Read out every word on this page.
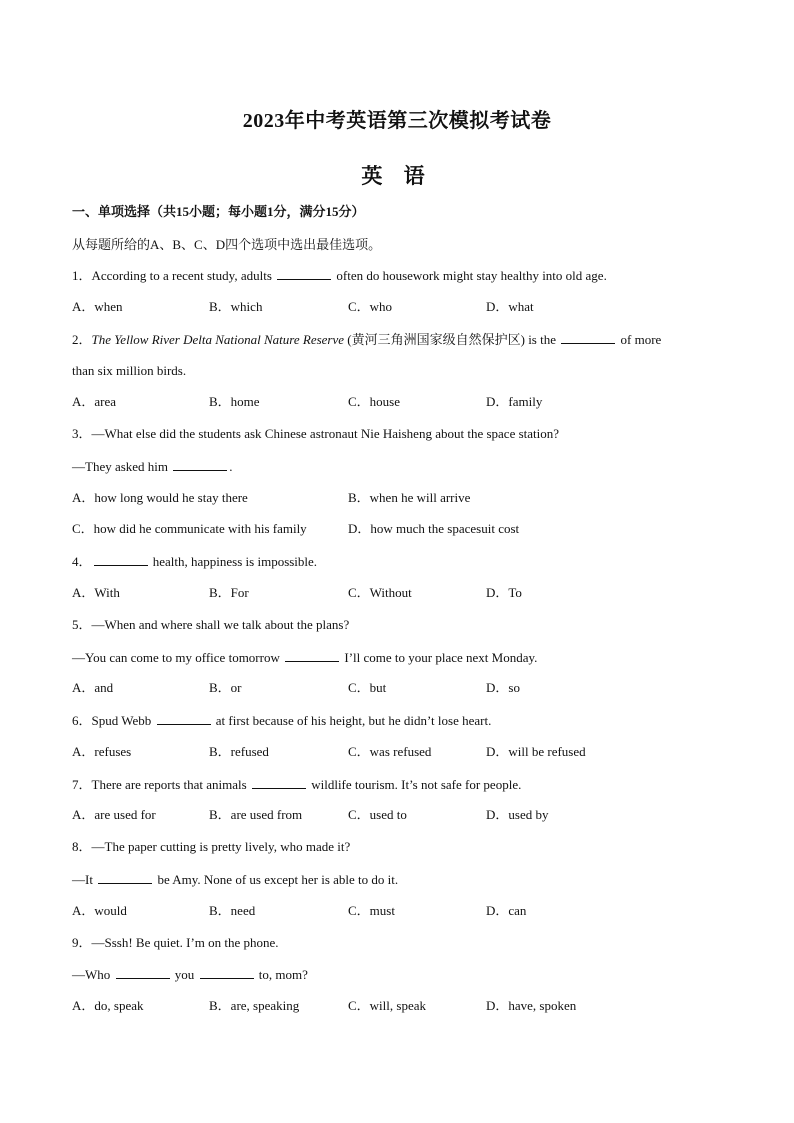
2023年中考英语第三次模拟考试卷
英 语
一、单项选择（共15小题；每小题1分，满分15分）
从每题所给的A、B、C、D四个选项中选出最佳选项。
1．According to a recent study, adults	often do housework might stay healthy into old age.
A．when	B．which	C．who	D．what
2．The Yellow River Delta National Nature Reserve (黄河三角洲国家级自然保护区) is the	of more
than six million birds.
A．area	B．home	C．house	D．family
3．—What else did the students ask Chinese astronaut Nie Haisheng about the space station?
—They asked him	.
A．how long would he stay there	B．when he will arrive
C．how did he communicate with his family	D．how much the spacesuit cost
4．	health, happiness is impossible.
A．With	B．For	C．Without	D．To
5．—When and where shall we talk about the plans?
—You can come to my office tomorrow	I’ll come to your place next Monday.
A．and	B．or	C．but	D．so
6．Spud Webb	at first because of his height, but he didn’t lose heart.
A．refuses	B．refused	C．was refused	D．will be refused
7．There are reports that animals	wildlife tourism. It’s not safe for people.
A．are used for	B．are used from	C．used to	D．used by
8．—The paper cutting is pretty lively, who made it?
—It	be Amy. None of us except her is able to do it.
A．would	B．need	C．must	D．can
9．—Sssh! Be quiet. I’m on the phone.
—Who	you	to, mom?
A．do, speak	B．are, speaking	C．will, speak	D．have, spoken
